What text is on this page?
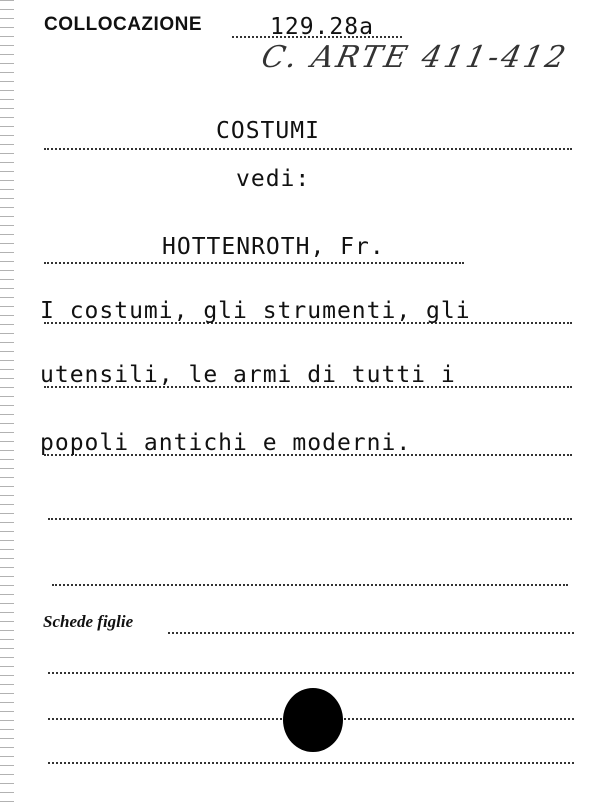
COLLOCAZIONE	129.28a
C. ARTE 411-412
COSTUMI
vedi:
HOTTENROTH, Fr.
I costumi, gli strumenti, gli
utensili, le armi di tutti i
popoli antichi e moderni.
Schede figlie
